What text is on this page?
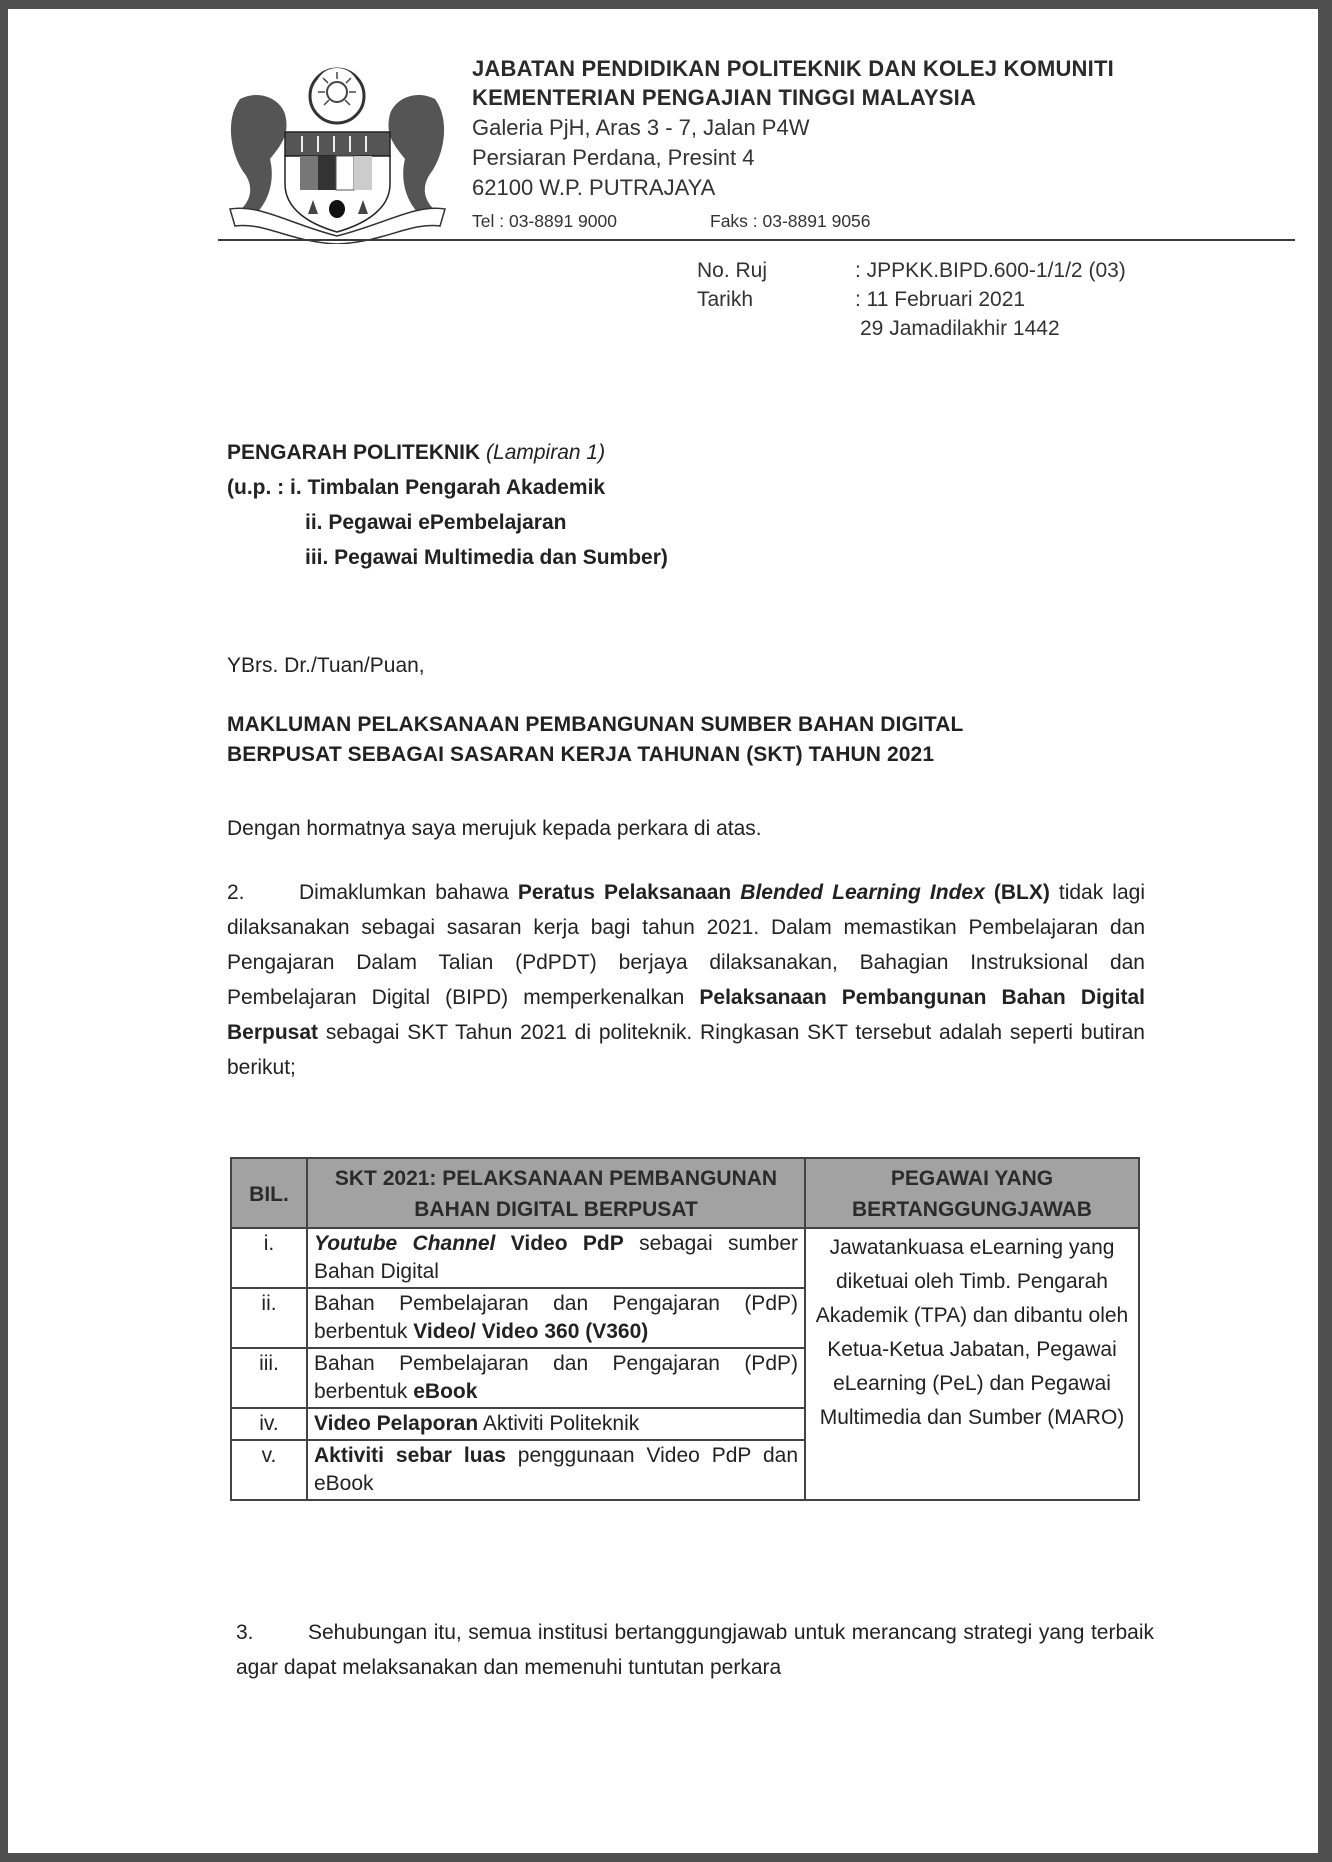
JABATAN PENDIDIKAN POLITEKNIK DAN KOLEJ KOMUNITI
KEMENTERIAN PENGAJIAN TINGGI MALAYSIA
Galeria PjH, Aras 3 - 7, Jalan P4W
Persiaran Perdana, Presint 4
62100 W.P. PUTRAJAYA
Tel : 03-8891 9000	Faks : 03-8891 9056
No. Ruj	: JPPKK.BIPD.600-1/1/2 (03)
Tarikh	: 11 Februari 2021
29 Jamadilakhir 1442
PENGARAH POLITEKNIK (Lampiran 1)
(u.p. : i. Timbalan Pengarah Akademik
ii. Pegawai ePembelajaran
iii. Pegawai Multimedia dan Sumber)
YBrs. Dr./Tuan/Puan,
MAKLUMAN PELAKSANAAN PEMBANGUNAN SUMBER BAHAN DIGITAL
BERPUSAT SEBAGAI SASARAN KERJA TAHUNAN (SKT) TAHUN 2021
Dengan hormatnya saya merujuk kepada perkara di atas.
2.	Dimaklumkan bahawa Peratus Pelaksanaan Blended Learning Index (BLX) tidak lagi dilaksanakan sebagai sasaran kerja bagi tahun 2021. Dalam memastikan Pembelajaran dan Pengajaran Dalam Talian (PdPDT) berjaya dilaksanakan, Bahagian Instruksional dan Pembelajaran Digital (BIPD) memperkenalkan Pelaksanaan Pembangunan Bahan Digital Berpusat sebagai SKT Tahun 2021 di politeknik. Ringkasan SKT tersebut adalah seperti butiran berikut;
BIL.	SKT 2021: PELAKSANAAN PEMBANGUNAN BAHAN DIGITAL BERPUSAT	PEGAWAI YANG BERTANGGUNGJAWAB
i.	Youtube Channel Video PdP sebagai sumber Bahan Digital	Jawatankuasa eLearning yang diketuai oleh Timb. Pengarah Akademik (TPA) dan dibantu oleh Ketua-Ketua Jabatan, Pegawai eLearning (PeL) dan Pegawai Multimedia dan Sumber (MARO)
ii.	Bahan Pembelajaran dan Pengajaran (PdP) berbentuk Video/ Video 360 (V360)	
iii.	Bahan Pembelajaran dan Pengajaran (PdP) berbentuk eBook	
iv.	Video Pelaporan Aktiviti Politeknik	
v.	Aktiviti sebar luas penggunaan Video PdP dan eBook	
3.	Sehubungan itu, semua institusi bertanggungjawab untuk merancang strategi yang terbaik agar dapat melaksanakan dan memenuhi tuntutan perkara
